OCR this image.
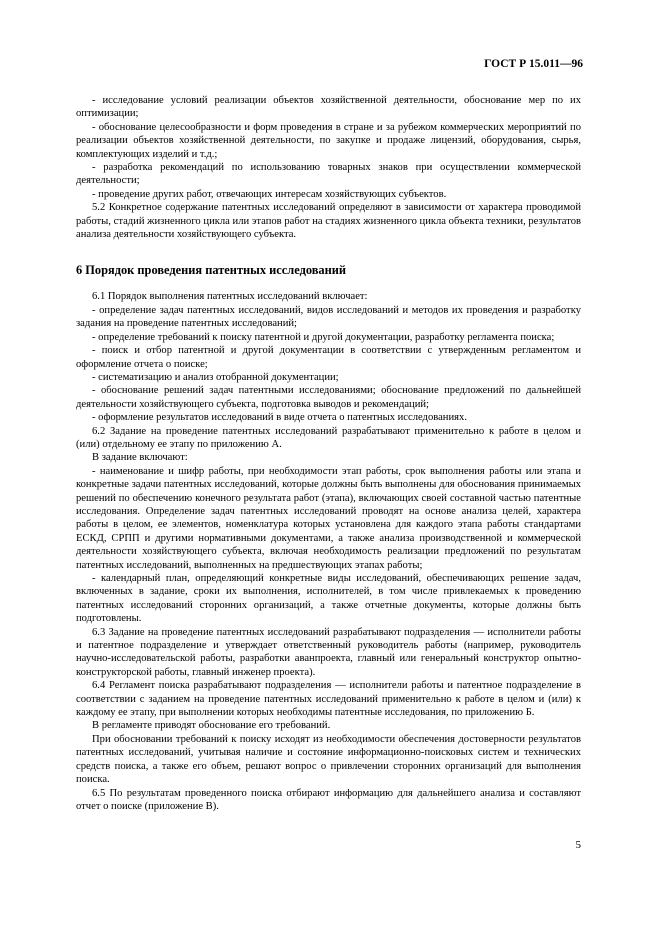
ГОСТ Р 15.011—96

- исследование условий реализации объектов хозяйственной деятельности, обоснование мер по их оптимизации;

- обоснование целесообразности и форм проведения в стране и за рубежом коммерческих мероприятий по реализации объектов хозяйственной деятельности, по закупке и продаже лицензий, оборудования, сырья, комплектующих изделий и т.д.;

- разработка рекомендаций по использованию товарных знаков при осуществлении коммерческой деятельности;

- проведение других работ, отвечающих интересам хозяйствующих субъектов.

5.2 Конкретное содержание патентных исследований определяют в зависимости от характера проводимой работы, стадий жизненного цикла или этапов работ на стадиях жизненного цикла объекта техники, результатов анализа деятельности хозяйствующего субъекта.

6 Порядок проведения патентных исследований

6.1 Порядок выполнения патентных исследований включает:

- определение задач патентных исследований, видов исследований и методов их проведения и разработку задания на проведение патентных исследований;

- определение требований к поиску патентной и другой документации, разработку регламента поиска;

- поиск и отбор патентной и другой документации в соответствии с утвержденным регламентом и оформление отчета о поиске;

- систематизацию и анализ отобранной документации;

- обоснование решений задач патентными исследованиями; обоснование предложений по дальнейшей деятельности хозяйствующего субъекта, подготовка выводов и рекомендаций;

- оформление результатов исследований в виде отчета о патентных исследованиях.

6.2 Задание на проведение патентных исследований разрабатывают применительно к работе в целом и (или) отдельному ее этапу по приложению А.

В задание включают:

- наименование и шифр работы, при необходимости этап работы, срок выполнения работы или этапа и конкретные задачи патентных исследований, которые должны быть выполнены для обоснования принимаемых решений по обеспечению конечного результата работ (этапа), включающих своей составной частью патентные исследования. Определение задач патентных исследований проводят на основе анализа целей, характера работы в целом, ее элементов, номенклатура которых установлена для каждого этапа работы стандартами ЕСКД, СРПП и другими нормативными документами, а также анализа производственной и коммерческой деятельности хозяйствующего субъекта, включая необходимость реализации предложений по результатам патентных исследований, выполненных на предшествующих этапах работы;

- календарный план, определяющий конкретные виды исследований, обеспечивающих решение задач, включенных в задание, сроки их выполнения, исполнителей, в том числе привлекаемых к проведению патентных исследований сторонних организаций, а также отчетные документы, которые должны быть подготовлены.

6.3 Задание на проведение патентных исследований разрабатывают подразделения — исполнители работы и патентное подразделение и утверждает ответственный руководитель работы (например, руководитель научно-исследовательской работы, разработки аванпроекта, главный или генеральный конструктор опытно-конструкторской работы, главный инженер проекта).

6.4 Регламент поиска разрабатывают подразделения — исполнители работы и патентное подразделение в соответствии с заданием на проведение патентных исследований применительно к работе в целом и (или) к каждому ее этапу, при выполнении которых необходимы патентные исследования, по приложению Б.

В регламенте приводят обоснование его требований.

При обосновании требований к поиску исходят из необходимости обеспечения достоверности результатов патентных исследований, учитывая наличие и состояние информационно-поисковых систем и технических средств поиска, а также его объем, решают вопрос о привлечении сторонних организаций для выполнения поиска.

6.5 По результатам проведенного поиска отбирают информацию для дальнейшего анализа и составляют отчет о поиске (приложение В).

5
